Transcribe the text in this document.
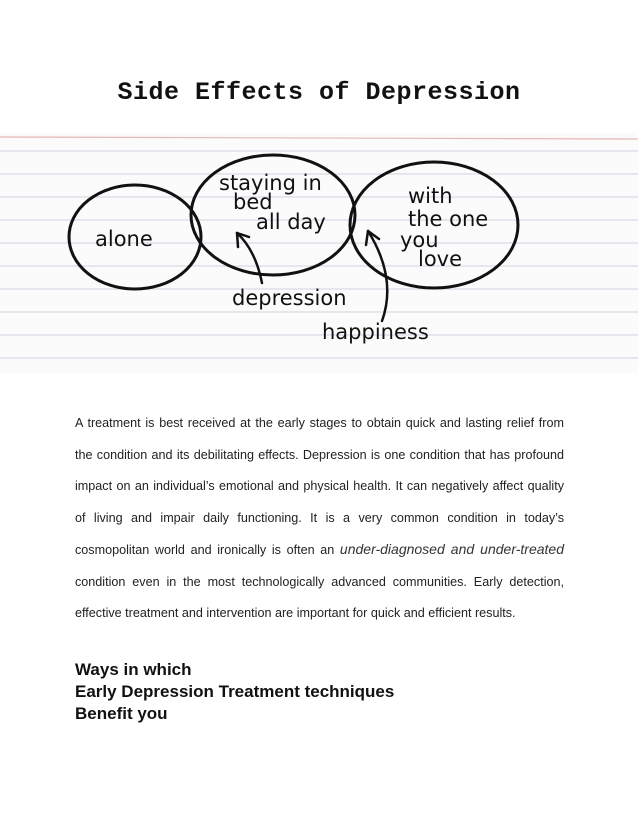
Side Effects of Depression
alone
staying in
bed
all day
with
the one
you
love
depression
happiness

A treatment is best received at the early stages to obtain quick and lasting relief from the condition and its debilitating effects. Depression is one condition that has profound impact on an individual’s emotional and physical health. It can negatively affect quality of living and impair daily functioning. It is a very common condition in today’s cosmopolitan world and ironically is often an under-diagnosed and under-treated condition even in the most technologically advanced communities. Early detection, effective treatment and intervention are important for quick and efficient results.

Ways in which
Early Depression Treatment techniques
Benefit you
